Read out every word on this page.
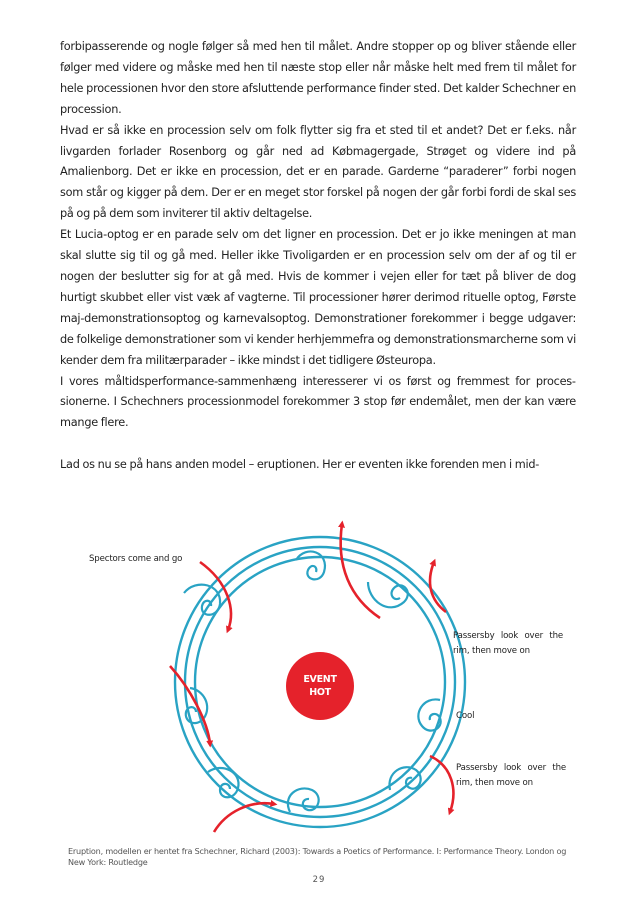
forbipasserende og nogle følger så med hen til målet. Andre stopper op og bliver stående eller følger med videre og måske med hen til næste stop eller når måske helt med frem til målet for hele processionen hvor den store afsluttende performance finder sted. Det kalder Schechner en procession.

Hvad er så ikke en procession selv om folk flytter sig fra et sted til et andet? Det er f.eks. når livgarden forlader Rosenborg og går ned ad Købmagergade, Strøget og videre ind på Amalienborg. Det er ikke en procession, det er en parade. Garderne “paraderer” forbi nogen som står og kigger på dem. Der er en meget stor forskel på nogen der går forbi fordi de skal ses på og på dem som inviterer til aktiv deltagelse.

Et Lucia-optog er en parade selv om det ligner en procession. Det er jo ikke meningen at man skal slutte sig til og gå med. Heller ikke Tivoligarden er en procession selv om der af og til er nogen der beslutter sig for at gå med. Hvis de kommer i vejen eller for tæt på bliver de dog hurtigt skubbet eller vist væk af vagterne. Til processioner hører derimod rituelle optog, Første maj-demonstrationsoptog og karnevalsoptog. Demonstrationer forekommer i begge udgaver: de folkelige demonstrationer som vi kender herhjemmefra og demonstrationsmarcherne som vi kender dem fra militærparader – ikke mindst i det tidligere Østeuropa.

I vores måltidsperformance-sammenhæng interesserer vi os først og fremmest for processionerne. I Schechners processionmodel forekommer 3 stop før endemålet, men der kan være mange flere.

Lad os nu se på hans anden model – eruptionen. Her er eventen ikke forenden men i mid-

EVENT
HOT
Spectors come and go
Passersby look over the rim, then move on
Cool
Passersby look over the rim, then move on
Eruption, modellen er hentet fra Schechner, Richard (2003): Towards a Poetics of Performance. I: Performance Theory. London og New York: Routledge
29
